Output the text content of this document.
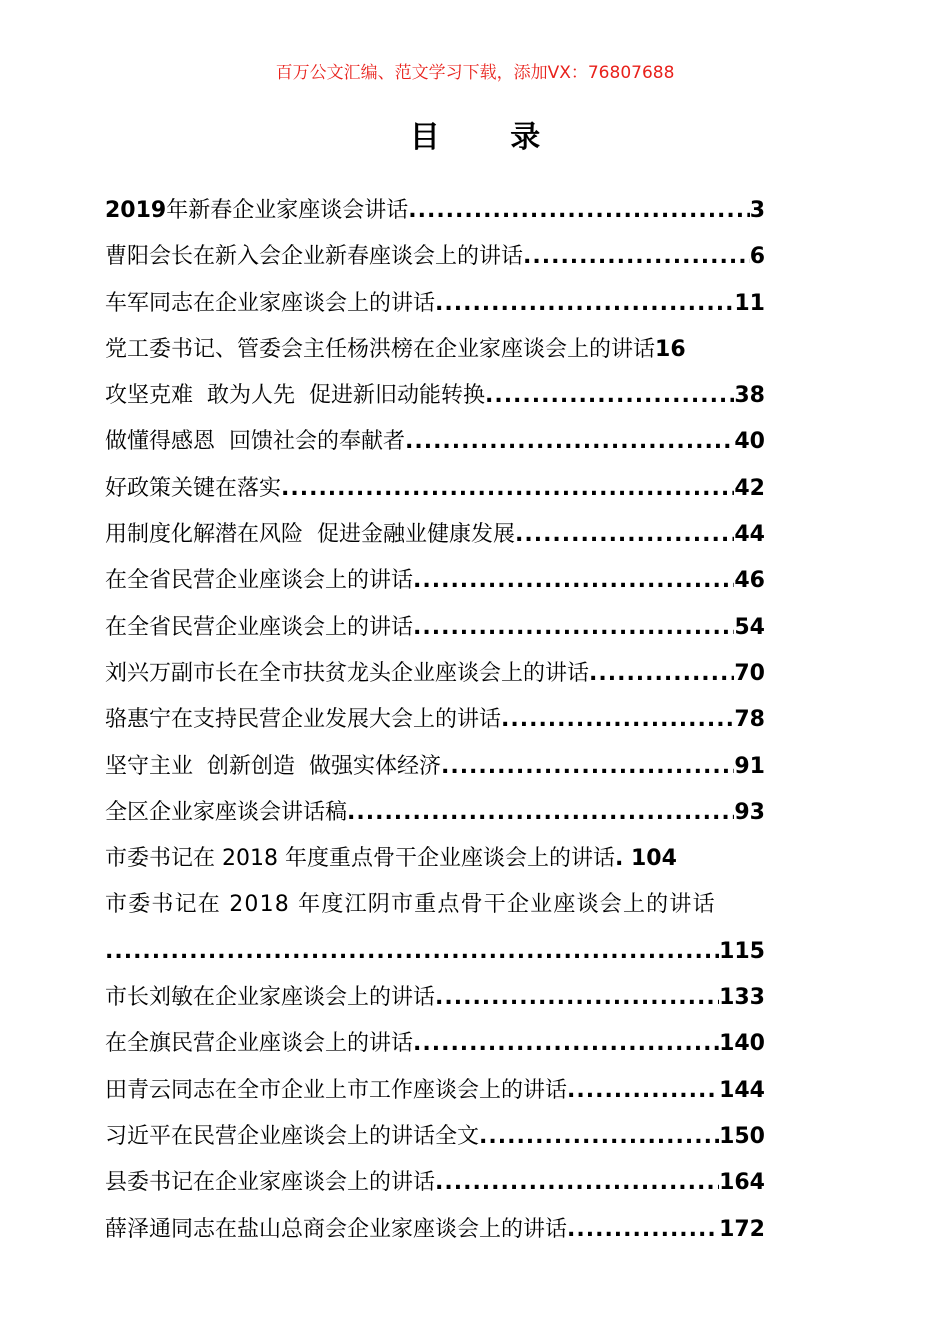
百万公文汇编、范文学习下载，添加VX：76807688
目 录
2019年新春企业家座谈会讲话 .....	3
曹阳会长在新入会企业新春座谈会上的讲话 .....	6
车军同志在企业家座谈会上的讲话 .....	11
党工委书记、管委会主任杨洪榜在企业家座谈会上的讲话 16
攻坚克难  敢为人先  促进新旧动能转换 .....	38
做懂得感恩  回馈社会的奉献者 .....	40
好政策关键在落实 .....	42
用制度化解潜在风险  促进金融业健康发展 .....	44
在全省民营企业座谈会上的讲话 .....	46
在全省民营企业座谈会上的讲话 .....	54
刘兴万副市长在全市扶贫龙头企业座谈会上的讲话 .....	70
骆惠宁在支持民营企业发展大会上的讲话 .....	78
坚守主业  创新创造  做强实体经济 .....	91
全区企业家座谈会讲话稿 .....	93
市委书记在 2018 年度重点骨干企业座谈会上的讲话 . 104
市委书记在 2018 年度江阴市重点骨干企业座谈会上的讲话
.....
115
市长刘敏在企业家座谈会上的讲话 .....	133
在全旗民营企业座谈会上的讲话 .....	140
田青云同志在全市企业上市工作座谈会上的讲话 .....	144
习近平在民营企业座谈会上的讲话全文 .....	150
县委书记在企业家座谈会上的讲话 .....	164
薛泽通同志在盐山总商会企业家座谈会上的讲话 .....	172
